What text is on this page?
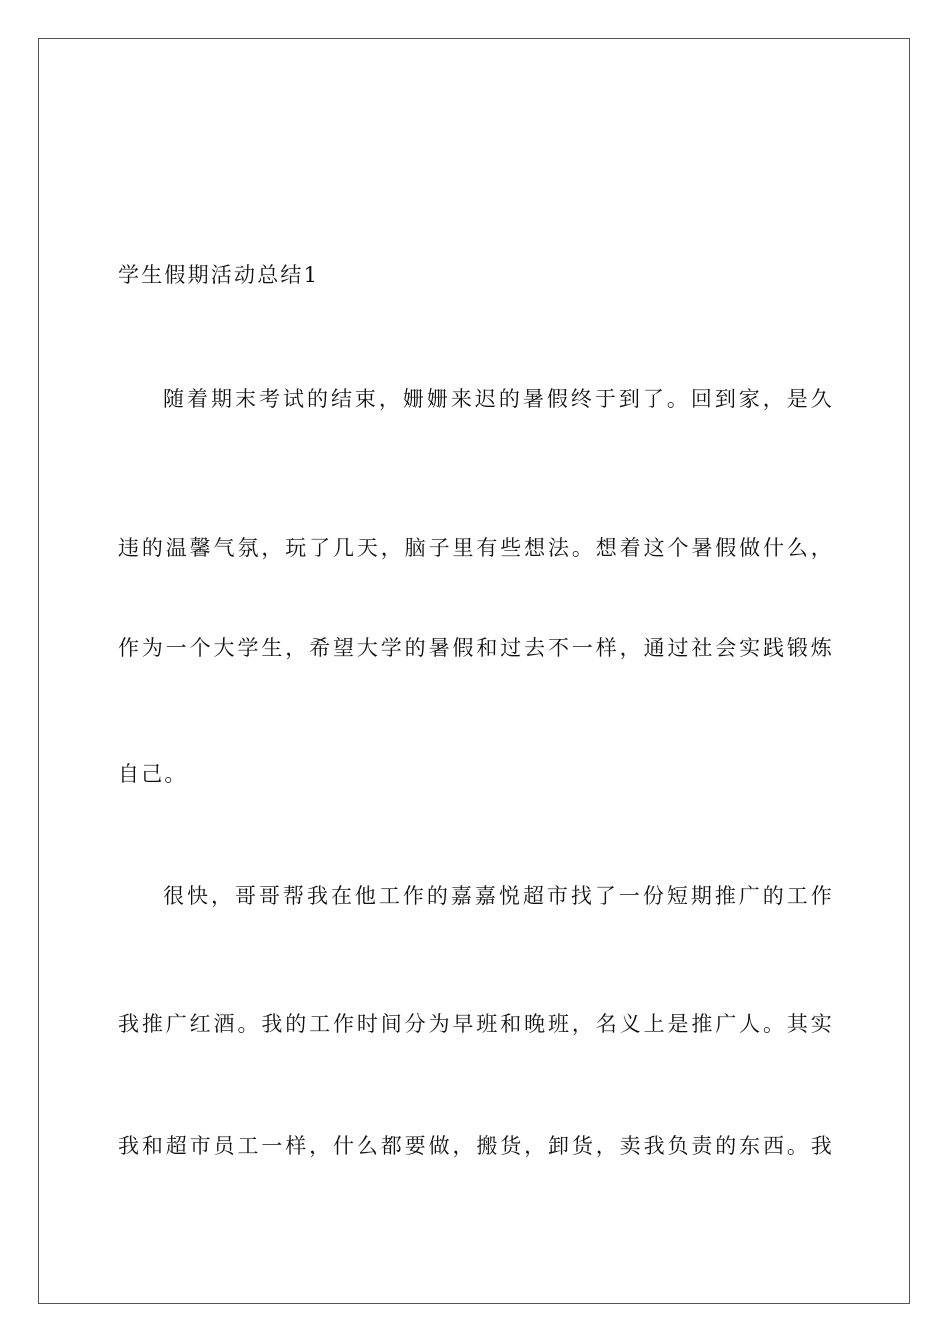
学生假期活动总结1
随着期末考试的结束，姗姗来迟的暑假终于到了。回到家，是久
违的温馨气氛，玩了几天，脑子里有些想法。想着这个暑假做什么，
作为一个大学生，希望大学的暑假和过去不一样，通过社会实践锻炼
自己。
很快，哥哥帮我在他工作的嘉嘉悦超市找了一份短期推广的工作
我推广红酒。我的工作时间分为早班和晚班，名义上是推广人。其实
我和超市员工一样，什么都要做，搬货，卸货，卖我负责的东西。我
